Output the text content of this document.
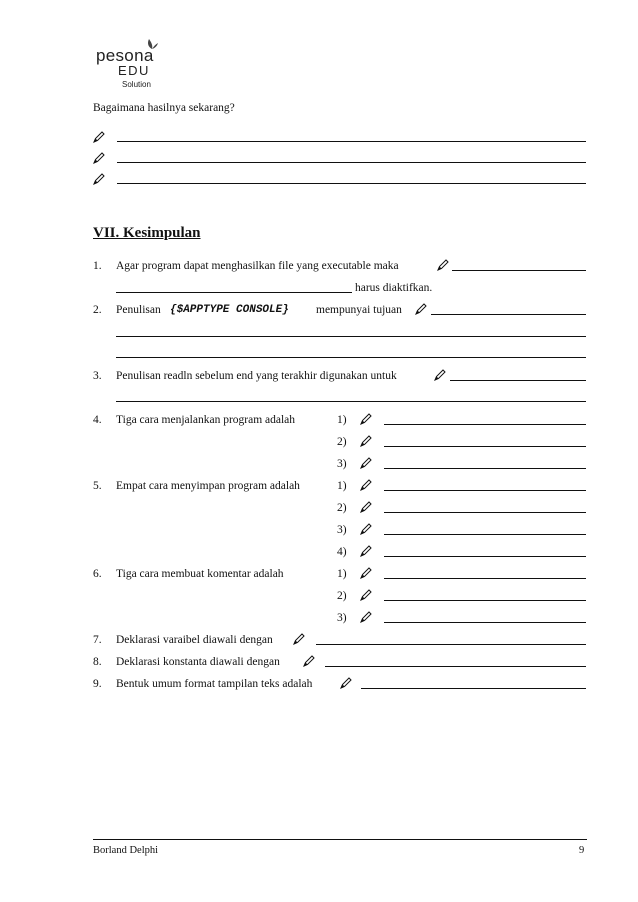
pesona
EDU
Solution
Bagaimana hasilnya sekarang?
VII. Kesimpulan
1. Agar program dapat menghasilkan file yang executable maka
harus diaktifkan.
2. Penulisan {$APPTYPE CONSOLE} mempunyai tujuan
3. Penulisan readln sebelum end yang terakhir digunakan untuk
4. Tiga cara menjalankan program adalah	1)
2)
3)
5. Empat cara menyimpan program adalah	1)
2)
3)
4)
6. Tiga cara membuat komentar adalah	1)
2)
3)
7. Deklarasi varaibel diawali dengan
8. Deklarasi konstanta diawali dengan
9. Bentuk umum format tampilan teks adalah
Borland Delphi	9
